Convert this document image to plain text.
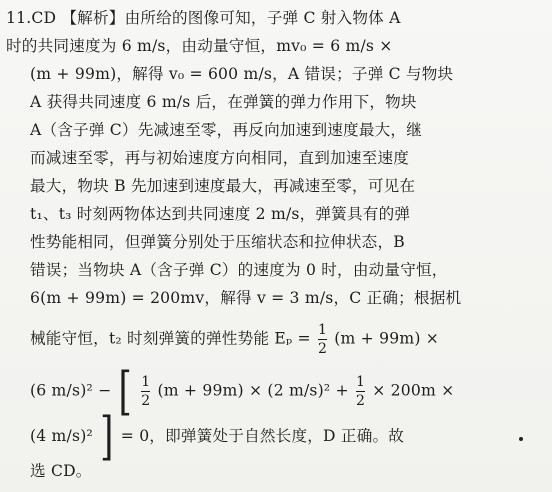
11.CD 【解析】由所给的图像可知，子弹 C 射入物体 A
时的共同速度为 6 m/s，由动量守恒，mv₀ = 6 m/s ×
(m + 99m)，解得 v₀ = 600 m/s，A 错误；子弹 C 与物块
A 获得共同速度 6 m/s 后，在弹簧的弹力作用下，物块
A（含子弹 C）先减速至零，再反向加速到速度最大，继
而减速至零，再与初始速度方向相同，直到加速至速度
最大，物块 B 先加速到速度最大，再减速至零，可见在
t₁、t₃ 时刻两物体达到共同速度 2 m/s，弹簧具有的弹
性势能相同，但弹簧分别处于压缩状态和拉伸状态，B
错误；当物块 A（含子弹 C）的速度为 0 时，由动量守恒，
6(m + 99m) = 200mv，解得 v = 3 m/s，C 正确；根据机
械能守恒，t₂ 时刻弹簧的弹性势能 $E_p = \frac{1}{2} (m + 99m)$ ×
(6 m/s)² − [ $\frac{1}{2} (m + 99m) \times (2$ $m/s)^2 + \frac{1}{2} \times 200m$ ×
(4 m/s)² ] = 0，即弹簧处于自然长度，D 正确。故
选 CD。
